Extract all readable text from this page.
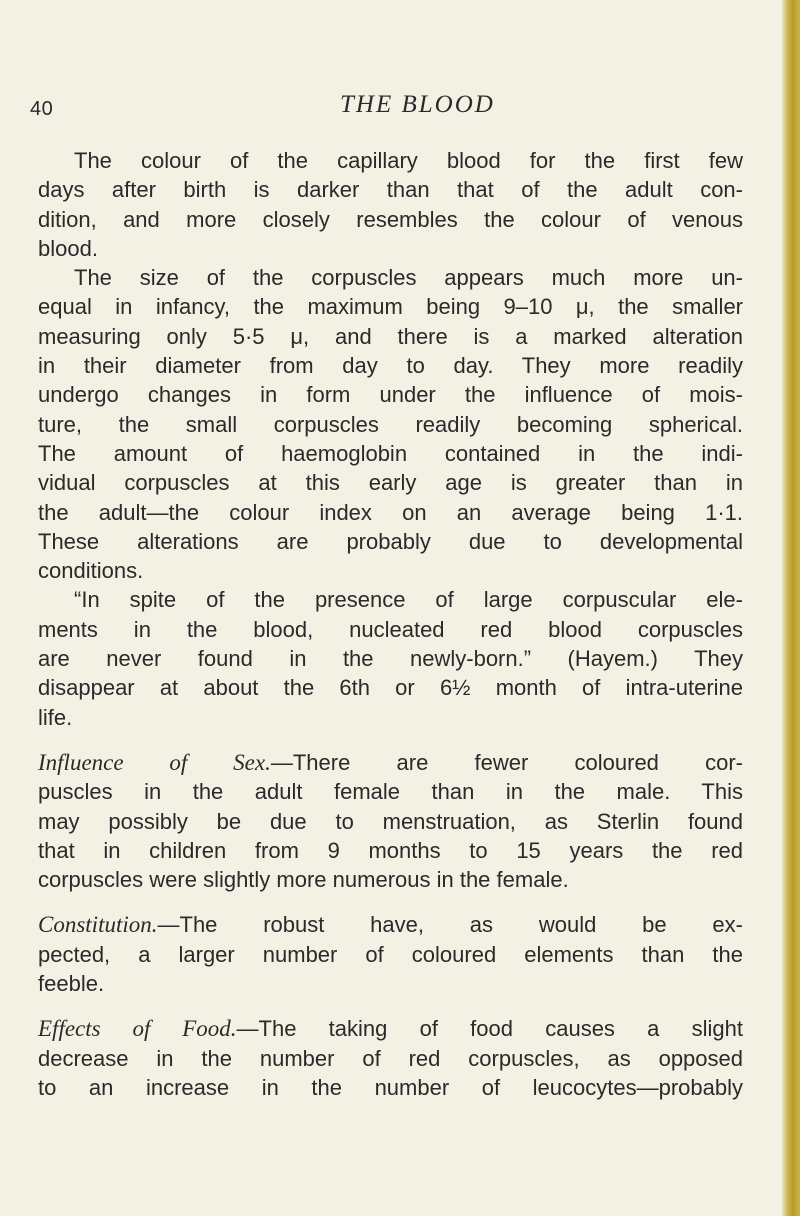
40	THE BLOOD
The colour of the capillary blood for the first few
days after birth is darker than that of the adult con-
dition, and more closely resembles the colour of venous
blood.
The size of the corpuscles appears much more un-
equal in infancy, the maximum being 9–10 μ, the smaller
measuring only 5·5 μ, and there is a marked alteration
in their diameter from day to day. They more readily
undergo changes in form under the influence of mois-
ture, the small corpuscles readily becoming spherical.
The amount of haemoglobin contained in the indi-
vidual corpuscles at this early age is greater than in
the adult—the colour index on an average being 1·1.
These alterations are probably due to developmental
conditions.
“In spite of the presence of large corpuscular ele-
ments in the blood, nucleated red blood corpuscles
are never found in the newly-born.” (Hayem.) They
disappear at about the 6th or 6½ month of intra-uterine
life.
Influence of Sex.—There are fewer coloured cor-
puscles in the adult female than in the male. This
may possibly be due to menstruation, as Sterlin found
that in children from 9 months to 15 years the red
corpuscles were slightly more numerous in the female.
Constitution.—The robust have, as would be ex-
pected, a larger number of coloured elements than the
feeble.
Effects of Food.—The taking of food causes a slight
decrease in the number of red corpuscles, as opposed
to an increase in the number of leucocytes—probably
